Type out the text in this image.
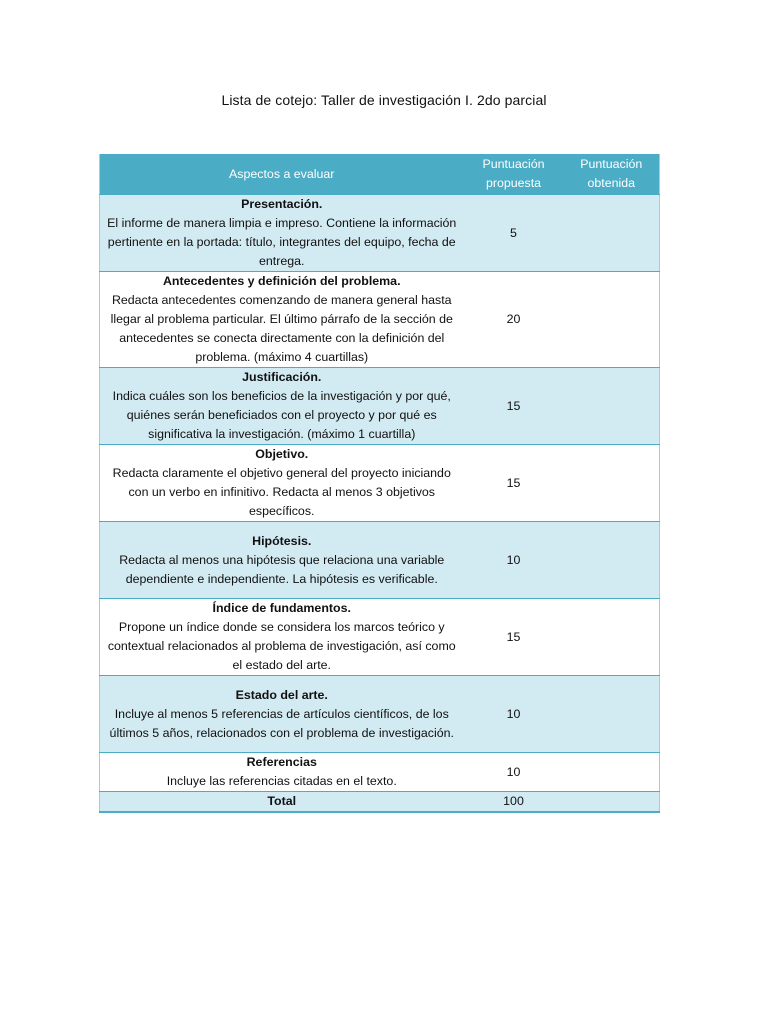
Lista de cotejo: Taller de investigación I. 2do parcial
Aspectos a evaluar	Puntuación propuesta	Puntuación obtenida

Presentación.
El informe de manera limpia e impreso. Contiene la información pertinente en la portada: título, integrantes del equipo, fecha de entrega.	5	

Antecedentes y definición del problema.
Redacta antecedentes comenzando de manera general hasta llegar al problema particular. El último párrafo de la sección de antecedentes se conecta directamente con la definición del problema. (máximo 4 cuartillas)	20	

Justificación.
Indica cuáles son los beneficios de la investigación y por qué, quiénes serán beneficiados con el proyecto y por qué es significativa la investigación. (máximo 1 cuartilla)	15	

Objetivo.
Redacta claramente el objetivo general del proyecto iniciando con un verbo en infinitivo. Redacta al menos 3 objetivos específicos.	15	

Hipótesis.
Redacta al menos una hipótesis que relaciona una variable dependiente e independiente. La hipótesis es verificable.	10	

Índice de fundamentos.
Propone un índice donde se considera los marcos teórico y contextual relacionados al problema de investigación, así como el estado del arte.	15	

Estado del arte.
Incluye al menos 5 referencias de artículos científicos, de los últimos 5 años, relacionados con el problema de investigación.	10	

Referencias
Incluye las referencias citadas en el texto.	10	
Total	100	
